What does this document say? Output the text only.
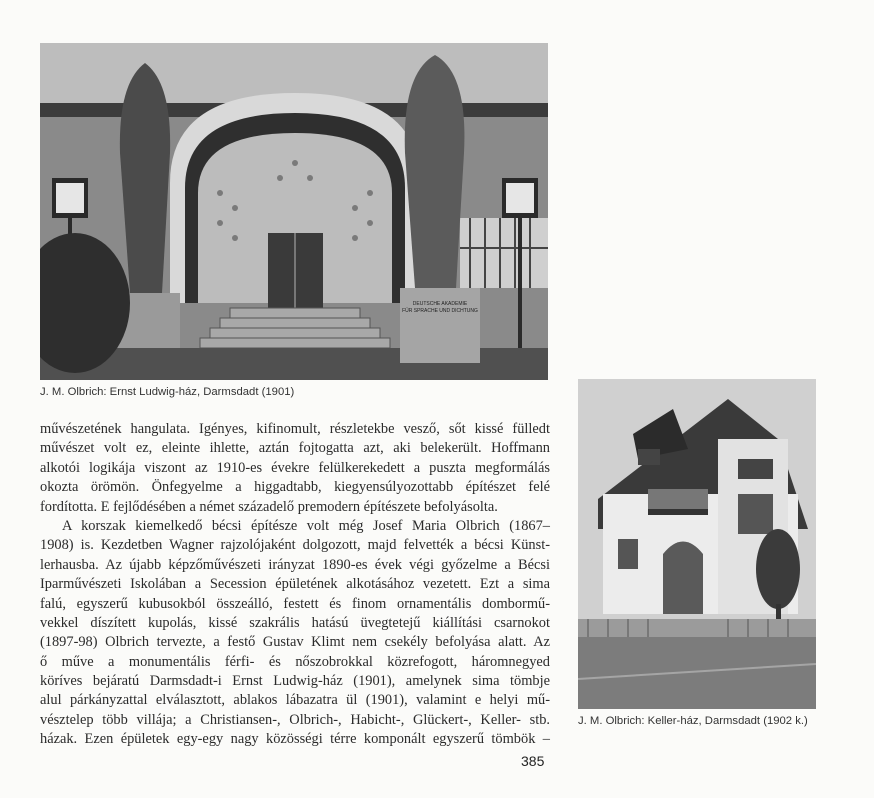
DEUTSCHE AKADEMIE
FÜR SPRACHE UND DICHTUNG
J. M. Olbrich: Ernst Ludwig-ház, Darmsdadt (1901)
J. M. Olbrich: Keller-ház, Darmsdadt (1902 k.)
művészetének hangulata. Igényes, kifinomult, részletekbe vesző, sőt kissé fülledt
művészet volt ez, eleinte ihlette, aztán fojtogatta azt, aki belekerült. Hoffmann
alkotói logikája viszont az 1910-es évekre felülkerekedett a puszta megformálás
okozta örömön. Önfegyelme a higgadtabb, kiegyensúlyozottabb építészet felé
fordította. E fejlődésében a német századelő premodern építészete befolyásolta.
A korszak kiemelkedő bécsi építésze volt még Josef Maria Olbrich (1867–
1908) is. Kezdetben Wagner rajzolójaként dolgozott, majd felvették a bécsi Künst-
lerhausba. Az újabb képzőművészeti irányzat 1890-es évek végi győzelme a Bécsi
Iparművészeti Iskolában a Secession épületének alkotásához vezetett. Ezt a sima
falú, egyszerű kubusokból összeálló, festett és finom ornamentális dombormű-
vekkel díszített kupolás, kissé szakrális hatású üvegtetejű kiállítási csarnokot
(1897-98) Olbrich tervezte, a festő Gustav Klimt nem csekély befolyása alatt. Az
ő műve a monumentális férfi- és nőszobrokkal közrefogott, háromnegyed
köríves bejáratú Darmsdadt-i Ernst Ludwig-ház (1901), amelynek sima tömbje
alul párkányzattal elválasztott, ablakos lábazatra ül (1901), valamint e helyi mű-
vésztelep több villája; a Christiansen-, Olbrich-, Habicht-, Glückert-, Keller- stb.
házak. Ezen épületek egy-egy nagy közösségi térre komponált egyszerű tömbök –
385
